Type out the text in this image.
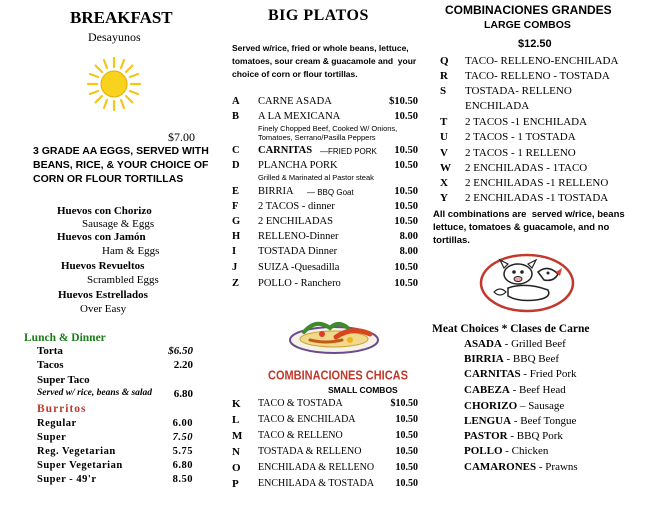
BREAKFAST
Desayunos
$7.00
3 GRADE AA EGGS, SERVED WITH
BEANS, RICE, & YOUR CHOICE OF
CORN OR FLOUR TORTILLAS
Huevos con Chorizo
Sausage & Eggs
Huevos con Jamón
Ham & Eggs
Huevos Revueltos
Scrambled Eggs
Huevos Estrellados
Over Easy
Lunch & Dinner
Torta	$6.50
Tacos	2.20
Super Taco
Served w/ rice, beans & salad 6.80
Burritos
Regular	6.00
Super	7.50
Reg. Vegetarian	5.75
Super Vegetarian	6.80
Super - 49'r	8.50
BIG PLATOS
Served w/rice, fried or whole beans, lettuce,
tomatoes, sour cream & guacamole and  your
choice of corn or flour tortillas.
A CARNE ASADA	$10.50
B A LA MEXICANA	10.50
Finely Chopped Beef, Cooked W/ Onions,
Tomatoes, Serrano/Pasilla Peppers
C CARNITAS —FRIED PORK 10.50
D PLANCHA PORK	10.50
Grilled & Marinated al Pastor steak
E BIRRIA — BBQ Goat	10.50
F 2 TACOS - dinner	10.50
G 2 ENCHILADAS	10.50
H RELLENO-Dinner	8.00
I TOSTADA Dinner	8.00
J SUIZA -Quesadilla	10.50
Z POLLO - Ranchero	10.50
COMBINACIONES CHICAS
SMALL COMBOS
K TACO & TOSTADA	$10.50
L TACO & ENCHILADA	10.50
M TACO & RELLENO	10.50
N TOSTADA & RELLENO	10.50
O ENCHILADA & RELLENO 10.50
P ENCHILADA & TOSTADA 10.50
COMBINACIONES GRANDES
LARGE COMBOS
$12.50
Q TACO- RELLENO-ENCHILADA
R TACO- RELLENO - TOSTADA
S TOSTADA- RELLENO
ENCHILADA
T 2 TACOS -1 ENCHILADA
U 2 TACOS - 1 TOSTADA
V 2 TACOS - 1 RELLENO
W 2 ENCHILADAS - 1TACO
X 2 ENCHILADAS -1 RELLENO
Y 2 ENCHILADAS -1 TOSTADA
All combinations are  served w/rice, beans
lettuce, tomatoes & guacamole, and no
tortillas.
Meat Choices * Clases de Carne
ASADA - Grilled Beef
BIRRIA - BBQ Beef
CARNITAS - Fried Pork
CABEZA - Beef Head
CHORIZO – Sausage
LENGUA - Beef Tongue
PASTOR - BBQ Pork
POLLO - Chicken
CAMARONES - Prawns
